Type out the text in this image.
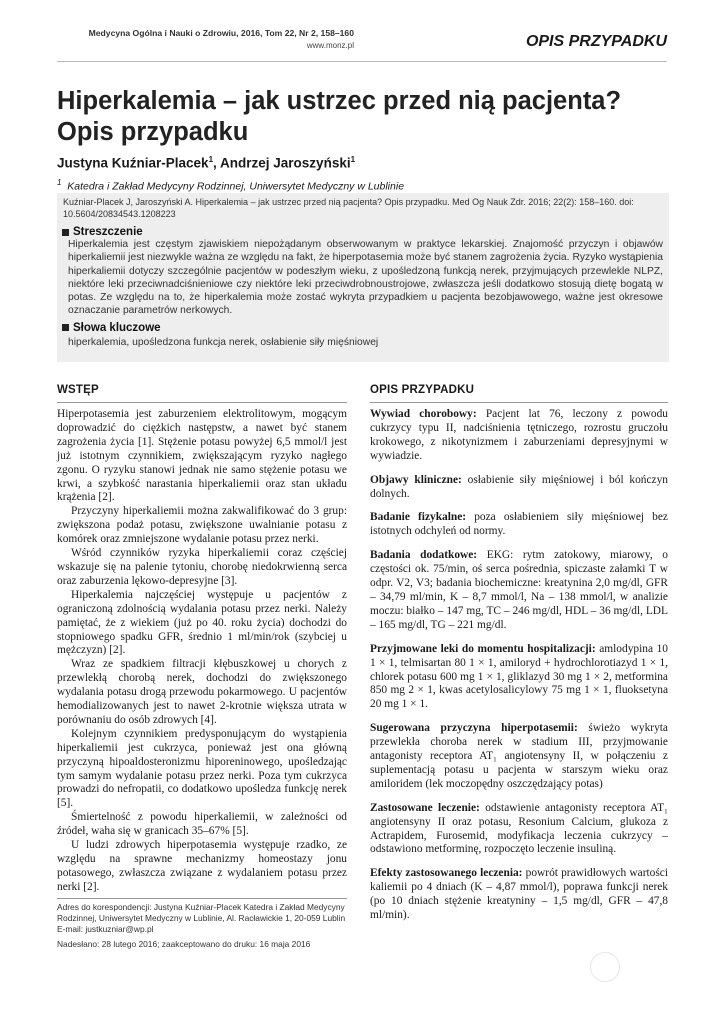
Medycyna Ogólna i Nauki o Zdrowiu, 2016, Tom 22, Nr 2, 158–160
www.monz.pl	OPIS PRZYPADKU
Hiperkalemia – jak ustrzec przed nią pacjenta? Opis przypadku
Justyna Kuźniar-Placek$^1$, Andrzej Jaroszyński$^1$
$^1$ Katedra i Zakład Medycyny Rodzinnej, Uniwersytet Medyczny w Lublinie

Kuźniar-Placek J, Jaroszyński A. Hiperkalemia – jak ustrzec przed nią pacjenta? Opis przypadku. Med Og Nauk Zdr. 2016; 22(2): 158–160. doi: 10.5604/20834543.1208223

Streszczenie

Hiperkalemia jest częstym zjawiskiem niepożądanym obserwowanym w praktyce lekarskiej. Znajomość przyczyn i objawów hiperkaliemii jest niezwykle ważna ze względu na fakt, że hiperpotasemia może być stanem zagrożenia życia. Ryzyko wystąpienia hiperkaliemii dotyczy szczególnie pacjentów w podeszłym wieku, z upośledzoną funkcją nerek, przyjmujących przewlekle NLPZ, niektóre leki przeciwnadciśnieniowe czy niektóre leki przeciwdrobnoustrojowe, zwłaszcza jeśli dodatkowo stosują dietę bogatą w potas. Ze względu na to, że hiperkalemia może zostać wykryta przypadkiem u pacjenta bezobjawowego, ważne jest okresowe oznaczanie parametrów nerkowych.

Słowa kluczowe

hiperkalemia, upośledzona funkcja nerek, osłabienie siły mięśniowej

WSTĘP

Hiperpotasemia jest zaburzeniem elektrolitowym, mogącym doprowadzić do ciężkich następstw, a nawet być stanem zagrożenia życia [1]. Stężenie potasu powyżej 6,5 mmol/l jest już istotnym czynnikiem, zwiększającym ryzyko nagłego zgonu. O ryzyku stanowi jednak nie samo stężenie potasu we krwi, a szybkość narastania hiperkaliemii oraz stan układu krążenia [2].

Przyczyny hiperkaliemii można zakwalifikować do 3 grup: zwiększona podaż potasu, zwiększone uwalnianie potasu z komórek oraz zmniejszone wydalanie potasu przez nerki.

Wśród czynników ryzyka hiperkaliemii coraz częściej wskazuje się na palenie tytoniu, chorobę niedokrwienną serca oraz zaburzenia lękowo-depresyjne [3].

Hiperkalemia najczęściej występuje u pacjentów z ograniczoną zdolnością wydalania potasu przez nerki. Należy pamiętać, że z wiekiem (już po 40. roku życia) dochodzi do stopniowego spadku GFR, średnio 1 ml/min/rok (szybciej u mężczyzn) [2].

Wraz ze spadkiem filtracji kłębuszkowej u chorych z przewlekłą chorobą nerek, dochodzi do zwiększonego wydalania potasu drogą przewodu pokarmowego. U pacjentów hemodializowanych jest to nawet 2-krotnie większa utrata w porównaniu do osób zdrowych [4].

Kolejnym czynnikiem predysponującym do wystąpienia hiperkaliemii jest cukrzyca, ponieważ jest ona główną przyczyną hipoaldosteronizmu hiporeninowego, upośledzając tym samym wydalanie potasu przez nerki. Poza tym cukrzyca prowadzi do nefropatii, co dodatkowo upośledza funkcję nerek [5].

Śmiertelność z powodu hiperkaliemii, w zależności od źródeł, waha się w granicach 35–67% [5].

U ludzi zdrowych hiperpotasemia występuje rzadko, ze względu na sprawne mechanizmy homeostazy jonu potasowego, zwłaszcza związane z wydalaniem potasu przez nerki [2].

OPIS PRZYPADKU

Wywiad chorobowy: Pacjent lat 76, leczony z powodu cukrzycy typu II, nadciśnienia tętniczego, rozrostu gruczołu krokowego, z nikotynizmem i zaburzeniami depresyjnymi w wywiadzie.

Objawy kliniczne: osłabienie siły mięśniowej i ból kończyn dolnych.

Badanie fizykalne: poza osłabieniem siły mięśniowej bez istotnych odchyleń od normy.

Badania dodatkowe: EKG: rytm zatokowy, miarowy, o częstości ok. 75/min, oś serca pośrednia, spiczaste załamki T w odpr. V2, V3; badania biochemiczne: kreatynina 2,0 mg/dl, GFR – 34,79 ml/min, K – 8,7 mmol/l, Na – 138 mmol/l, w analizie moczu: białko – 147 mg, TC – 246 mg/dl, HDL – 36 mg/dl, LDL – 165 mg/dl, TG – 221 mg/dl.

Przyjmowane leki do momentu hospitalizacji: amlodypina 10 1 × 1, telmisartan 80 1 × 1, amiloryd + hydrochlorotiazyd 1 × 1, chlorek potasu 600 mg 1 × 1, gliklazyd 30 mg 1 × 2, metformina 850 mg 2 × 1, kwas acetylosalicylowy 75 mg 1 × 1, fluoksetyna 20 mg 1 × 1.

Sugerowana przyczyna hiperpotasemii: świeżo wykryta przewlekła choroba nerek w stadium III, przyjmowanie antagonisty receptora AT₁ angiotensyny II, w połączeniu z suplementacją potasu u pacjenta w starszym wieku oraz amiloridem (lek moczopędny oszczędzający potas)

Zastosowane leczenie: odstawienie antagonisty receptora AT₁ angiotensyny II oraz potasu, Resonium Calcium, glukoza z Actrapidem, Furosemid, modyfikacja leczenia cukrzycy – odstawiono metforminę, rozpoczęto leczenie insuliną.

Efekty zastosowanego leczenia: powrót prawidłowych wartości kaliemii po 4 dniach (K – 4,87 mmol/l), poprawa funkcji nerek (po 10 dniach stężenie kreatyniny – 1,5 mg/dl, GFR – 47,8 ml/min).

Adres do korespondencji: Justyna Kuźniar-Placek Katedra i Zakład Medycyny Rodzinnej, Uniwersytet Medyczny w Lublinie, Al. Racławickie 1, 20-059 Lublin

E-mail: justkuzniar@wp.pl

Nadesłano: 28 lutego 2016; zaakceptowano do druku: 16 maja 2016
